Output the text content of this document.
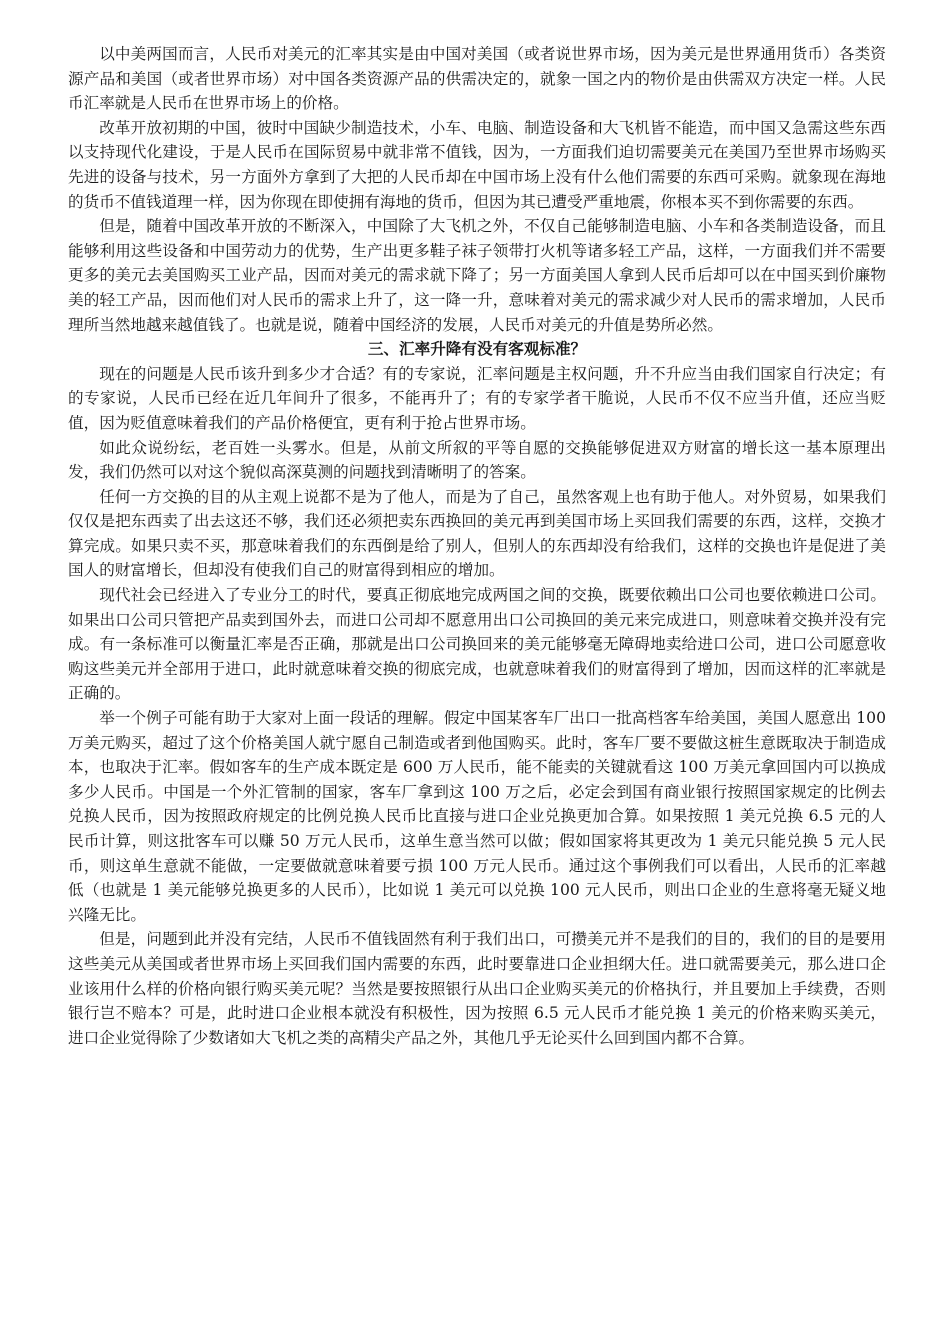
以中美两国而言，人民币对美元的汇率其实是由中国对美国（或者说世界市场，因为美元是世界通用货币）各类资源产品和美国（或者世界市场）对中国各类资源产品的供需决定的，就象一国之内的物价是由供需双方决定一样。人民币汇率就是人民币在世界市场上的价格。

改革开放初期的中国，彼时中国缺少制造技术，小车、电脑、制造设备和大飞机皆不能造，而中国又急需这些东西以支持现代化建设，于是人民币在国际贸易中就非常不值钱，因为，一方面我们迫切需要美元在美国乃至世界市场购买先进的设备与技术，另一方面外方拿到了大把的人民币却在中国市场上没有什么他们需要的东西可采购。就象现在海地的货币不值钱道理一样，因为你现在即使拥有海地的货币，但因为其已遭受严重地震，你根本买不到你需要的东西。

但是，随着中国改革开放的不断深入，中国除了大飞机之外，不仅自己能够制造电脑、小车和各类制造设备，而且能够利用这些设备和中国劳动力的优势，生产出更多鞋子袜子领带打火机等诸多轻工产品，这样，一方面我们并不需要更多的美元去美国购买工业产品，因而对美元的需求就下降了；另一方面美国人拿到人民币后却可以在中国买到价廉物美的轻工产品，因而他们对人民币的需求上升了，这一降一升，意味着对美元的需求减少对人民币的需求增加，人民币理所当然地越来越值钱了。也就是说，随着中国经济的发展，人民币对美元的升值是势所必然。

三、汇率升降有没有客观标准？

现在的问题是人民币该升到多少才合适？有的专家说，汇率问题是主权问题，升不升应当由我们国家自行决定；有的专家说，人民币已经在近几年间升了很多，不能再升了；有的专家学者干脆说，人民币不仅不应当升值，还应当贬值，因为贬值意味着我们的产品价格便宜，更有利于抢占世界市场。

如此众说纷纭，老百姓一头雾水。但是，从前文所叙的平等自愿的交换能够促进双方财富的增长这一基本原理出发，我们仍然可以对这个貌似高深莫测的问题找到清晰明了的答案。

任何一方交换的目的从主观上说都不是为了他人，而是为了自己，虽然客观上也有助于他人。对外贸易，如果我们仅仅是把东西卖了出去这还不够，我们还必须把卖东西换回的美元再到美国市场上买回我们需要的东西，这样，交换才算完成。如果只卖不买，那意味着我们的东西倒是给了别人，但别人的东西却没有给我们，这样的交换也许是促进了美国人的财富增长，但却没有使我们自己的财富得到相应的增加。

现代社会已经进入了专业分工的时代，要真正彻底地完成两国之间的交换，既要依赖出口公司也要依赖进口公司。如果出口公司只管把产品卖到国外去，而进口公司却不愿意用出口公司换回的美元来完成进口，则意味着交换并没有完成。有一条标准可以衡量汇率是否正确，那就是出口公司换回来的美元能够毫无障碍地卖给进口公司，进口公司愿意收购这些美元并全部用于进口，此时就意味着交换的彻底完成，也就意味着我们的财富得到了增加，因而这样的汇率就是正确的。

举一个例子可能有助于大家对上面一段话的理解。假定中国某客车厂出口一批高档客车给美国，美国人愿意出 100 万美元购买，超过了这个价格美国人就宁愿自己制造或者到他国购买。此时，客车厂要不要做这桩生意既取决于制造成本，也取决于汇率。假如客车的生产成本既定是 600 万人民币，能不能卖的关键就看这 100 万美元拿回国内可以换成多少人民币。中国是一个外汇管制的国家，客车厂拿到这 100 万之后，必定会到国有商业银行按照国家规定的比例去兑换人民币，因为按照政府规定的比例兑换人民币比直接与进口企业兑换更加合算。如果按照 1 美元兑换 6.5 元的人民币计算，则这批客车可以赚 50 万元人民币，这单生意当然可以做；假如国家将其更改为 1 美元只能兑换 5 元人民币，则这单生意就不能做，一定要做就意味着要亏损 100 万元人民币。通过这个事例我们可以看出，人民币的汇率越低（也就是 1 美元能够兑换更多的人民币），比如说 1 美元可以兑换 100 元人民币，则出口企业的生意将毫无疑义地兴隆无比。

但是，问题到此并没有完结，人民币不值钱固然有利于我们出口，可攒美元并不是我们的目的，我们的目的是要用这些美元从美国或者世界市场上买回我们国内需要的东西，此时要靠进口企业担纲大任。进口就需要美元，那么进口企业该用什么样的价格向银行购买美元呢？当然是要按照银行从出口企业购买美元的价格执行，并且要加上手续费，否则银行岂不赔本？可是，此时进口企业根本就没有积极性，因为按照 6.5 元人民币才能兑换 1 美元的价格来购买美元，进口企业觉得除了少数诸如大飞机之类的高精尖产品之外，其他几乎无论买什么回到国内都不合算。
